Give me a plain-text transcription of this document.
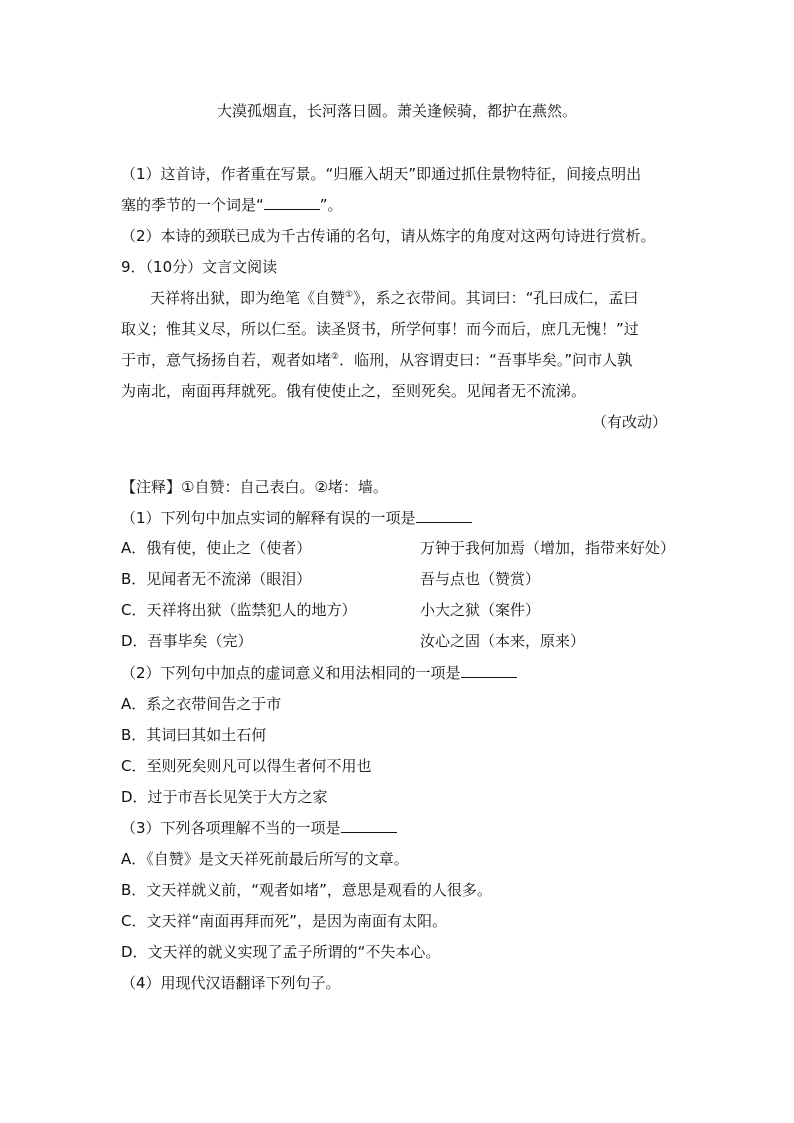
大漠孤烟直，长河落日圆。萧关逢候骑，都护在燕然。
（1）这首诗，作者重在写景。“归雁入胡天”即通过抓住景物特征，间接点明出
塞的季节的一个词是“	”。
（2）本诗的颈联已成为千古传诵的名句，请从炼字的角度对这两句诗进行赏析。
9．（10分）文言文阅读
天祥将出狱，即为绝笔《自赞①》，系之衣带间。其词曰：“孔曰成仁，孟曰
取义；惟其义尽，所以仁至。读圣贤书，所学何事！而今而后，庶几无愧！”过
于市，意气扬扬自若，观者如堵②．临刑，从容谓吏曰：“吾事毕矣。”问市人孰
为南北，南面再拜就死。俄有使使止之，至则死矣。见闻者无不流涕。
（有改动）
【注释】①自赞：自己表白。②堵：墙。
（1）下列句中加点实词的解释有误的一项是
A．俄有使，使止之（使者）	万钟于我何加焉（增加，指带来好处）
B．见闻者无不流涕（眼泪）	吾与点也（赞赏）
C．天祥将出狱（监禁犯人的地方）	小大之狱（案件）
D．吾事毕矣（完）	汝心之固（本来，原来）
（2）下列句中加点的虚词意义和用法相同的一项是
A．系之衣带间告之于市
B．其词曰其如土石何
C．至则死矣则凡可以得生者何不用也
D．过于市吾长见笑于大方之家
（3）下列各项理解不当的一项是
A．《自赞》是文天祥死前最后所写的文章。
B．文天祥就义前，“观者如堵”，意思是观看的人很多。
C．文天祥“南面再拜而死”，是因为南面有太阳。
D．文天祥的就义实现了孟子所谓的“不失本心。
（4）用现代汉语翻译下列句子。
